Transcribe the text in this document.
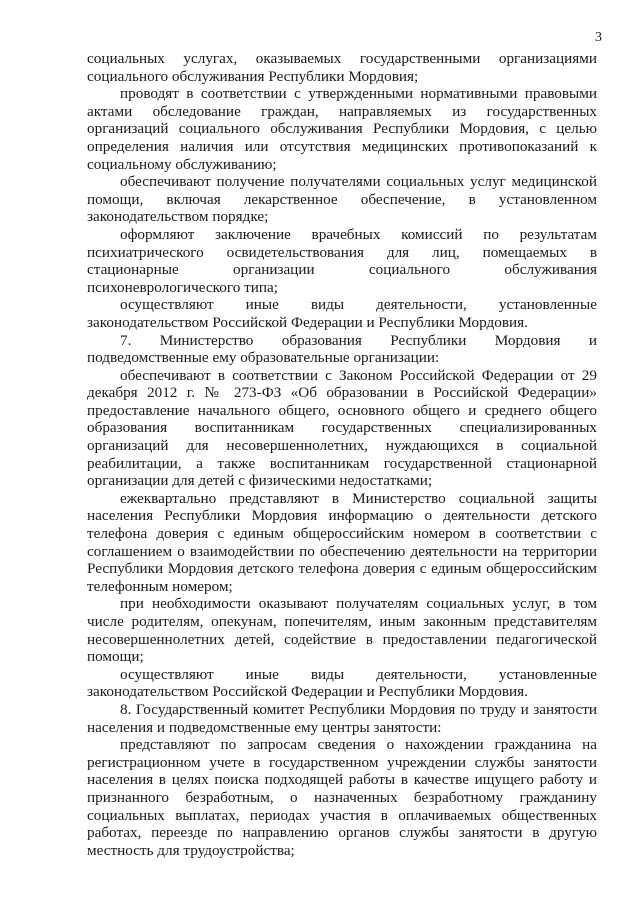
3

социальных услугах, оказываемых государственными организациями социального обслуживания Республики Мордовия;

проводят в соответствии с утвержденными нормативными правовыми актами обследование граждан, направляемых из государственных организаций социального обслуживания Республики Мордовия, с целью определения наличия или отсутствия медицинских противопоказаний к социальному обслуживанию;

обеспечивают получение получателями социальных услуг медицинской помощи, включая лекарственное обеспечение, в установленном законодательством порядке;

оформляют заключение врачебных комиссий по результатам психиатрического освидетельствования для лиц, помещаемых в стационарные организации социального обслуживания психоневрологического типа;

осуществляют иные виды деятельности, установленные законодательством Российской Федерации и Республики Мордовия.

7. Министерство образования Республики Мордовия и подведомственные ему образовательные организации:

обеспечивают в соответствии с Законом Российской Федерации от 29 декабря 2012 г. № 273-ФЗ «Об образовании в Российской Федерации» предоставление начального общего, основного общего и среднего общего образования воспитанникам государственных специализированных организаций для несовершеннолетних, нуждающихся в социальной реабилитации, а также воспитанникам государственной стационарной организации для детей с физическими недостатками;

ежеквартально представляют в Министерство социальной защиты населения Республики Мордовия информацию о деятельности детского телефона доверия с единым общероссийским номером в соответствии с соглашением о взаимодействии по обеспечению деятельности на территории Республики Мордовия детского телефона доверия с единым общероссийским телефонным номером;

при необходимости оказывают получателям социальных услуг, в том числе родителям, опекунам, попечителям, иным законным представителям несовершеннолетних детей, содействие в предоставлении педагогической помощи;

осуществляют иные виды деятельности, установленные законодательством Российской Федерации и Республики Мордовия.

8. Государственный комитет Республики Мордовия по труду и занятости населения и подведомственные ему центры занятости:

представляют по запросам сведения о нахождении гражданина на регистрационном учете в государственном учреждении службы занятости населения в целях поиска подходящей работы в качестве ищущего работу и признанного безработным, о назначенных безработному гражданину социальных выплатах, периодах участия в оплачиваемых общественных работах, переезде по направлению органов службы занятости в другую местность для трудоустройства;
